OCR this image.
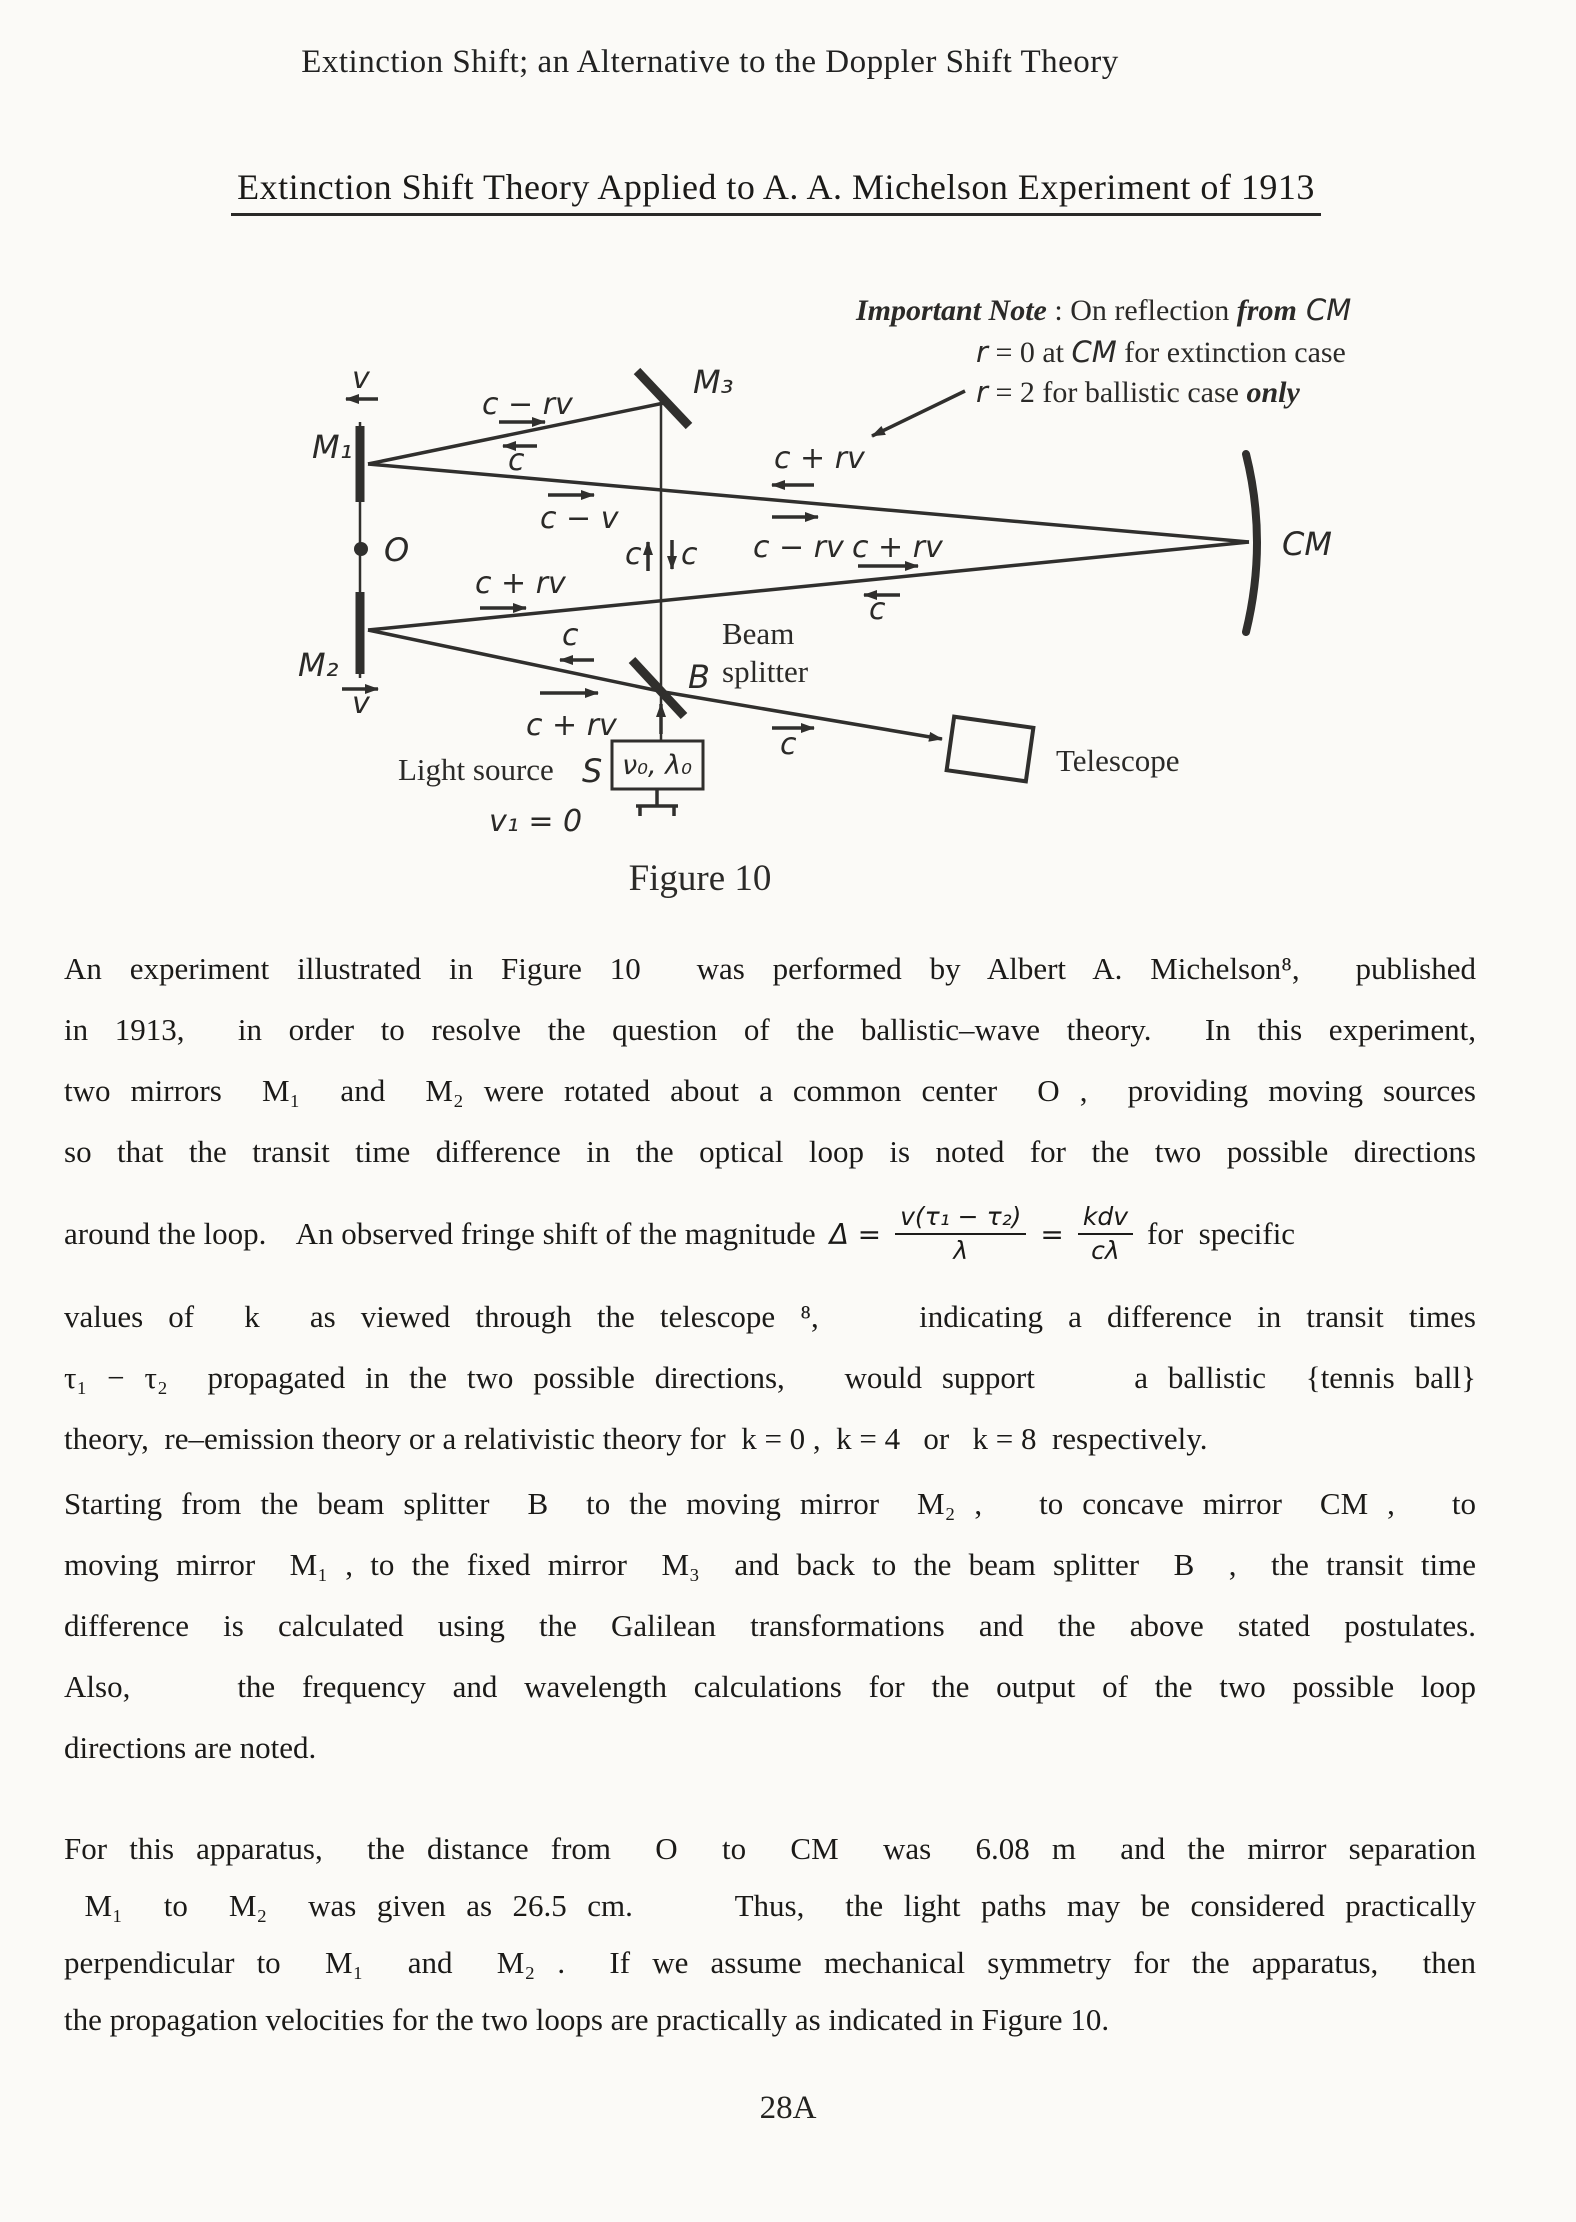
Extinction Shift; an Alternative to the Doppler Shift Theory
Extinction Shift Theory Applied to A. A. Michelson Experiment of 1913
Important Note : On reflection from CM
r = 0 at CM for extinction case
r = 2 for ballistic case only
v
M₁
M₃
O
M₂
CM
B
S
c − rv
c
c − v
c c
c + rv
c − rv c + rv
c
c + rv
c
c + rv
c
v
Beam
splitter
Light source	ν₀, λ₀
v₁ = 0
Telescope
Figure 10
An experiment illustrated in Figure 10  was performed by Albert A. Michelson⁸,  published
in 1913,  in order to resolve the question of the ballistic–wave theory.  In this experiment,
two mirrors  M₁  and  M₂ were rotated about a common center  O ,  providing moving sources
so that the transit time difference in the optical loop is noted for the two possible directions
around the loop.    An observed fringe shift of the magnitude $\Delta = \frac{\text{v(τ₁ − τ₂)}}{\lambda} = \frac{\text{kdv}}{c\lambda}$ for  specific
values of  k  as viewed through the telescope ⁸,    indicating a difference in transit times
τ₁ − τ₂  propagated in the two possible directions,   would support     a ballistic  {tennis ball}
theory,  re–emission theory or a relativistic theory for  k = 0 ,  k = 4   or   k = 8  respectively.
Starting from the beam splitter  B  to the moving mirror  M₂ ,   to concave mirror  CM ,   to
moving mirror  M₁ , to the fixed mirror  M₃  and back to the beam splitter  B  ,  the transit time
difference is calculated using the Galilean transformations and the above stated postulates.
Also,    the frequency and wavelength calculations for the output of the two possible loop
directions are noted.
For this apparatus,  the distance from  O  to  CM  was  6.08 m  and the mirror separation
M₁  to  M₂  was given as 26.5 cm.     Thus,  the light paths may be considered practically
perpendicular to  M₁  and  M₂ .  If we assume mechanical symmetry for the apparatus,  then
the propagation velocities for the two loops are practically as indicated in Figure 10.
28A
